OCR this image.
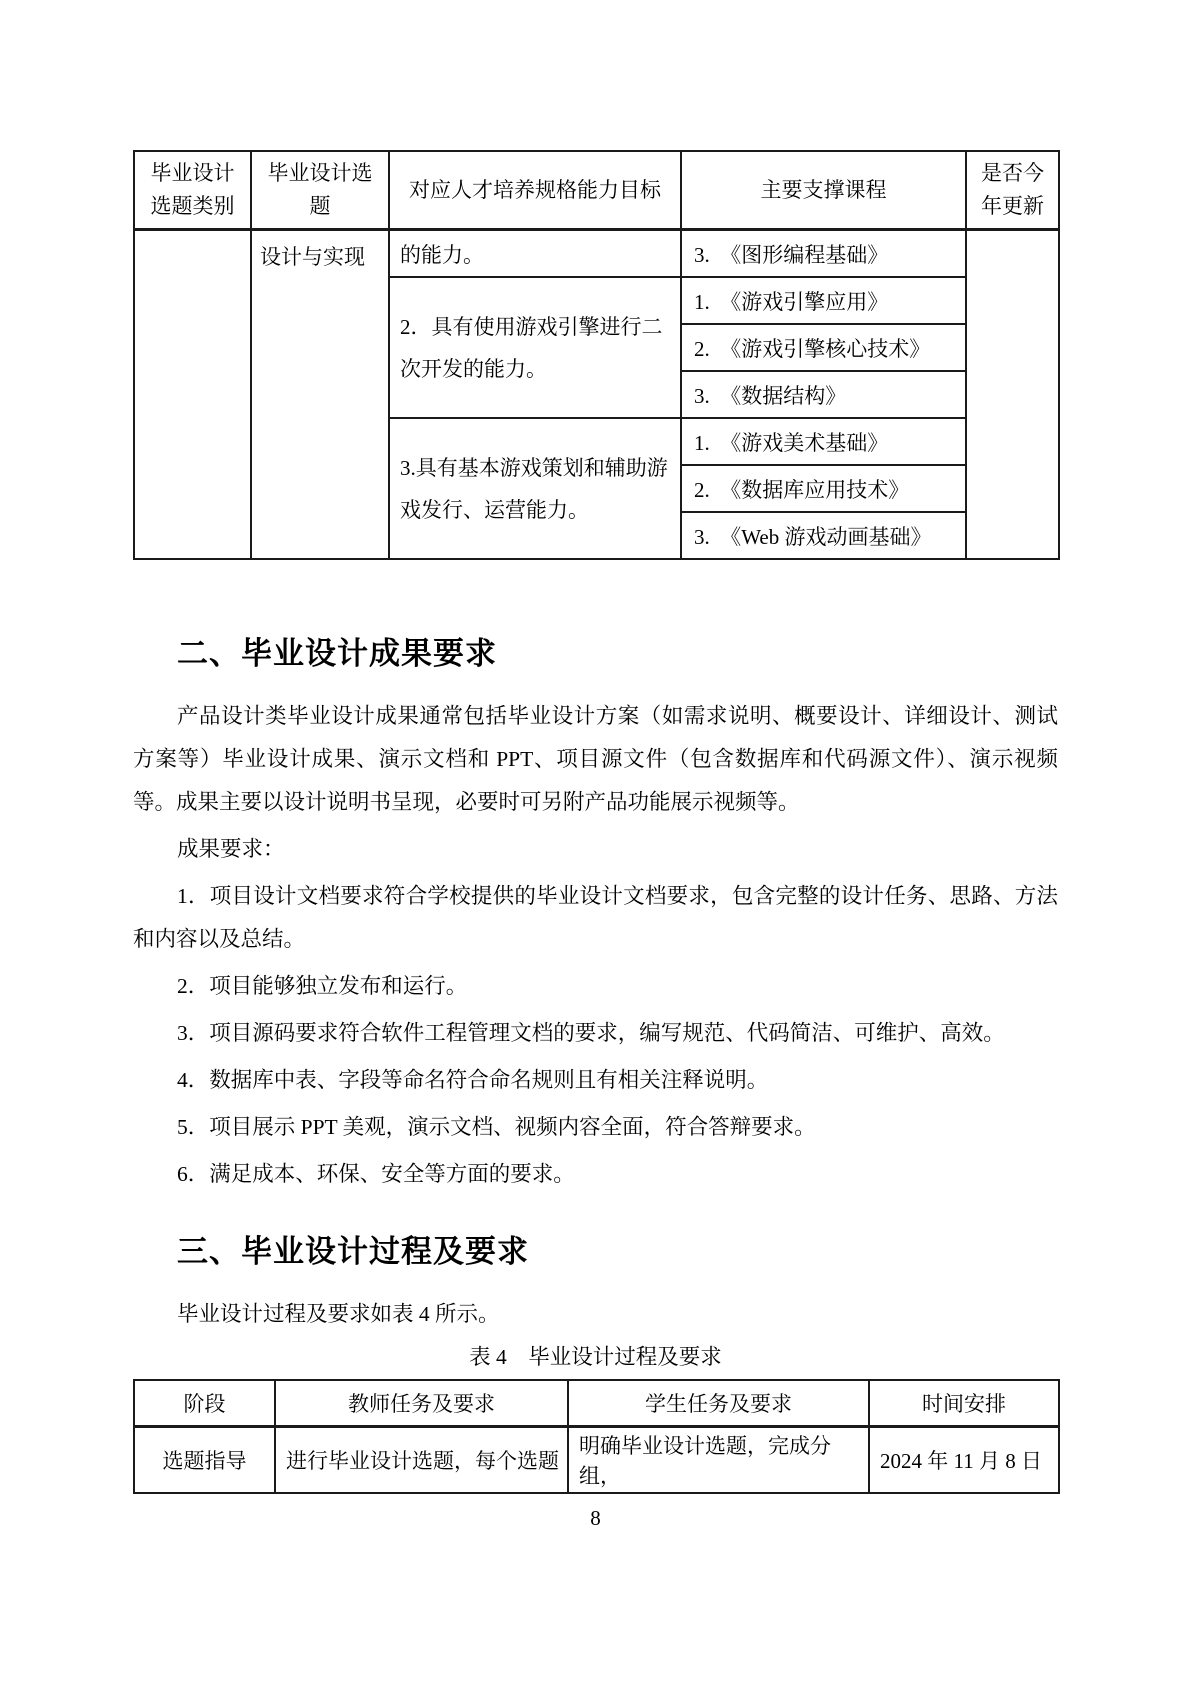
毕业设计选题类别	毕业设计选题	对应人才培养规格能力目标	主要支撑课程	是否今年更新
	设计与实现	的能力。	3.　《图形编程基础》	
		2．具有使用游戏引擎进行二次开发的能力。	1.　《游戏引擎应用》	
			2.　《游戏引擎核心技术》	
			3.　《数据结构》	
		3.具有基本游戏策划和辅助游戏发行、运营能力。	1.　《游戏美术基础》	
			2.　《数据库应用技术》	
			3.　《Web 游戏动画基础》	
二、毕业设计成果要求

产品设计类毕业设计成果通常包括毕业设计方案（如需求说明、概要设计、详细设计、测试方案等）毕业设计成果、演示文档和 PPT、项目源文件（包含数据库和代码源文件）、演示视频等。成果主要以设计说明书呈现，必要时可另附产品功能展示视频等。

成果要求：

1．项目设计文档要求符合学校提供的毕业设计文档要求，包含完整的设计任务、思路、方法和内容以及总结。

2．项目能够独立发布和运行。

3．项目源码要求符合软件工程管理文档的要求，编写规范、代码简洁、可维护、高效。

4．数据库中表、字段等命名符合命名规则且有相关注释说明。

5．项目展示 PPT 美观，演示文档、视频内容全面，符合答辩要求。

6．满足成本、环保、安全等方面的要求。

三、毕业设计过程及要求

毕业设计过程及要求如表 4 所示。

表 4　毕业设计过程及要求

阶段	教师任务及要求	学生任务及要求	时间安排
选题指导	进行毕业设计选题，每个选题	明确毕业设计选题，完成分组，	2024 年 11 月 8 日
8
